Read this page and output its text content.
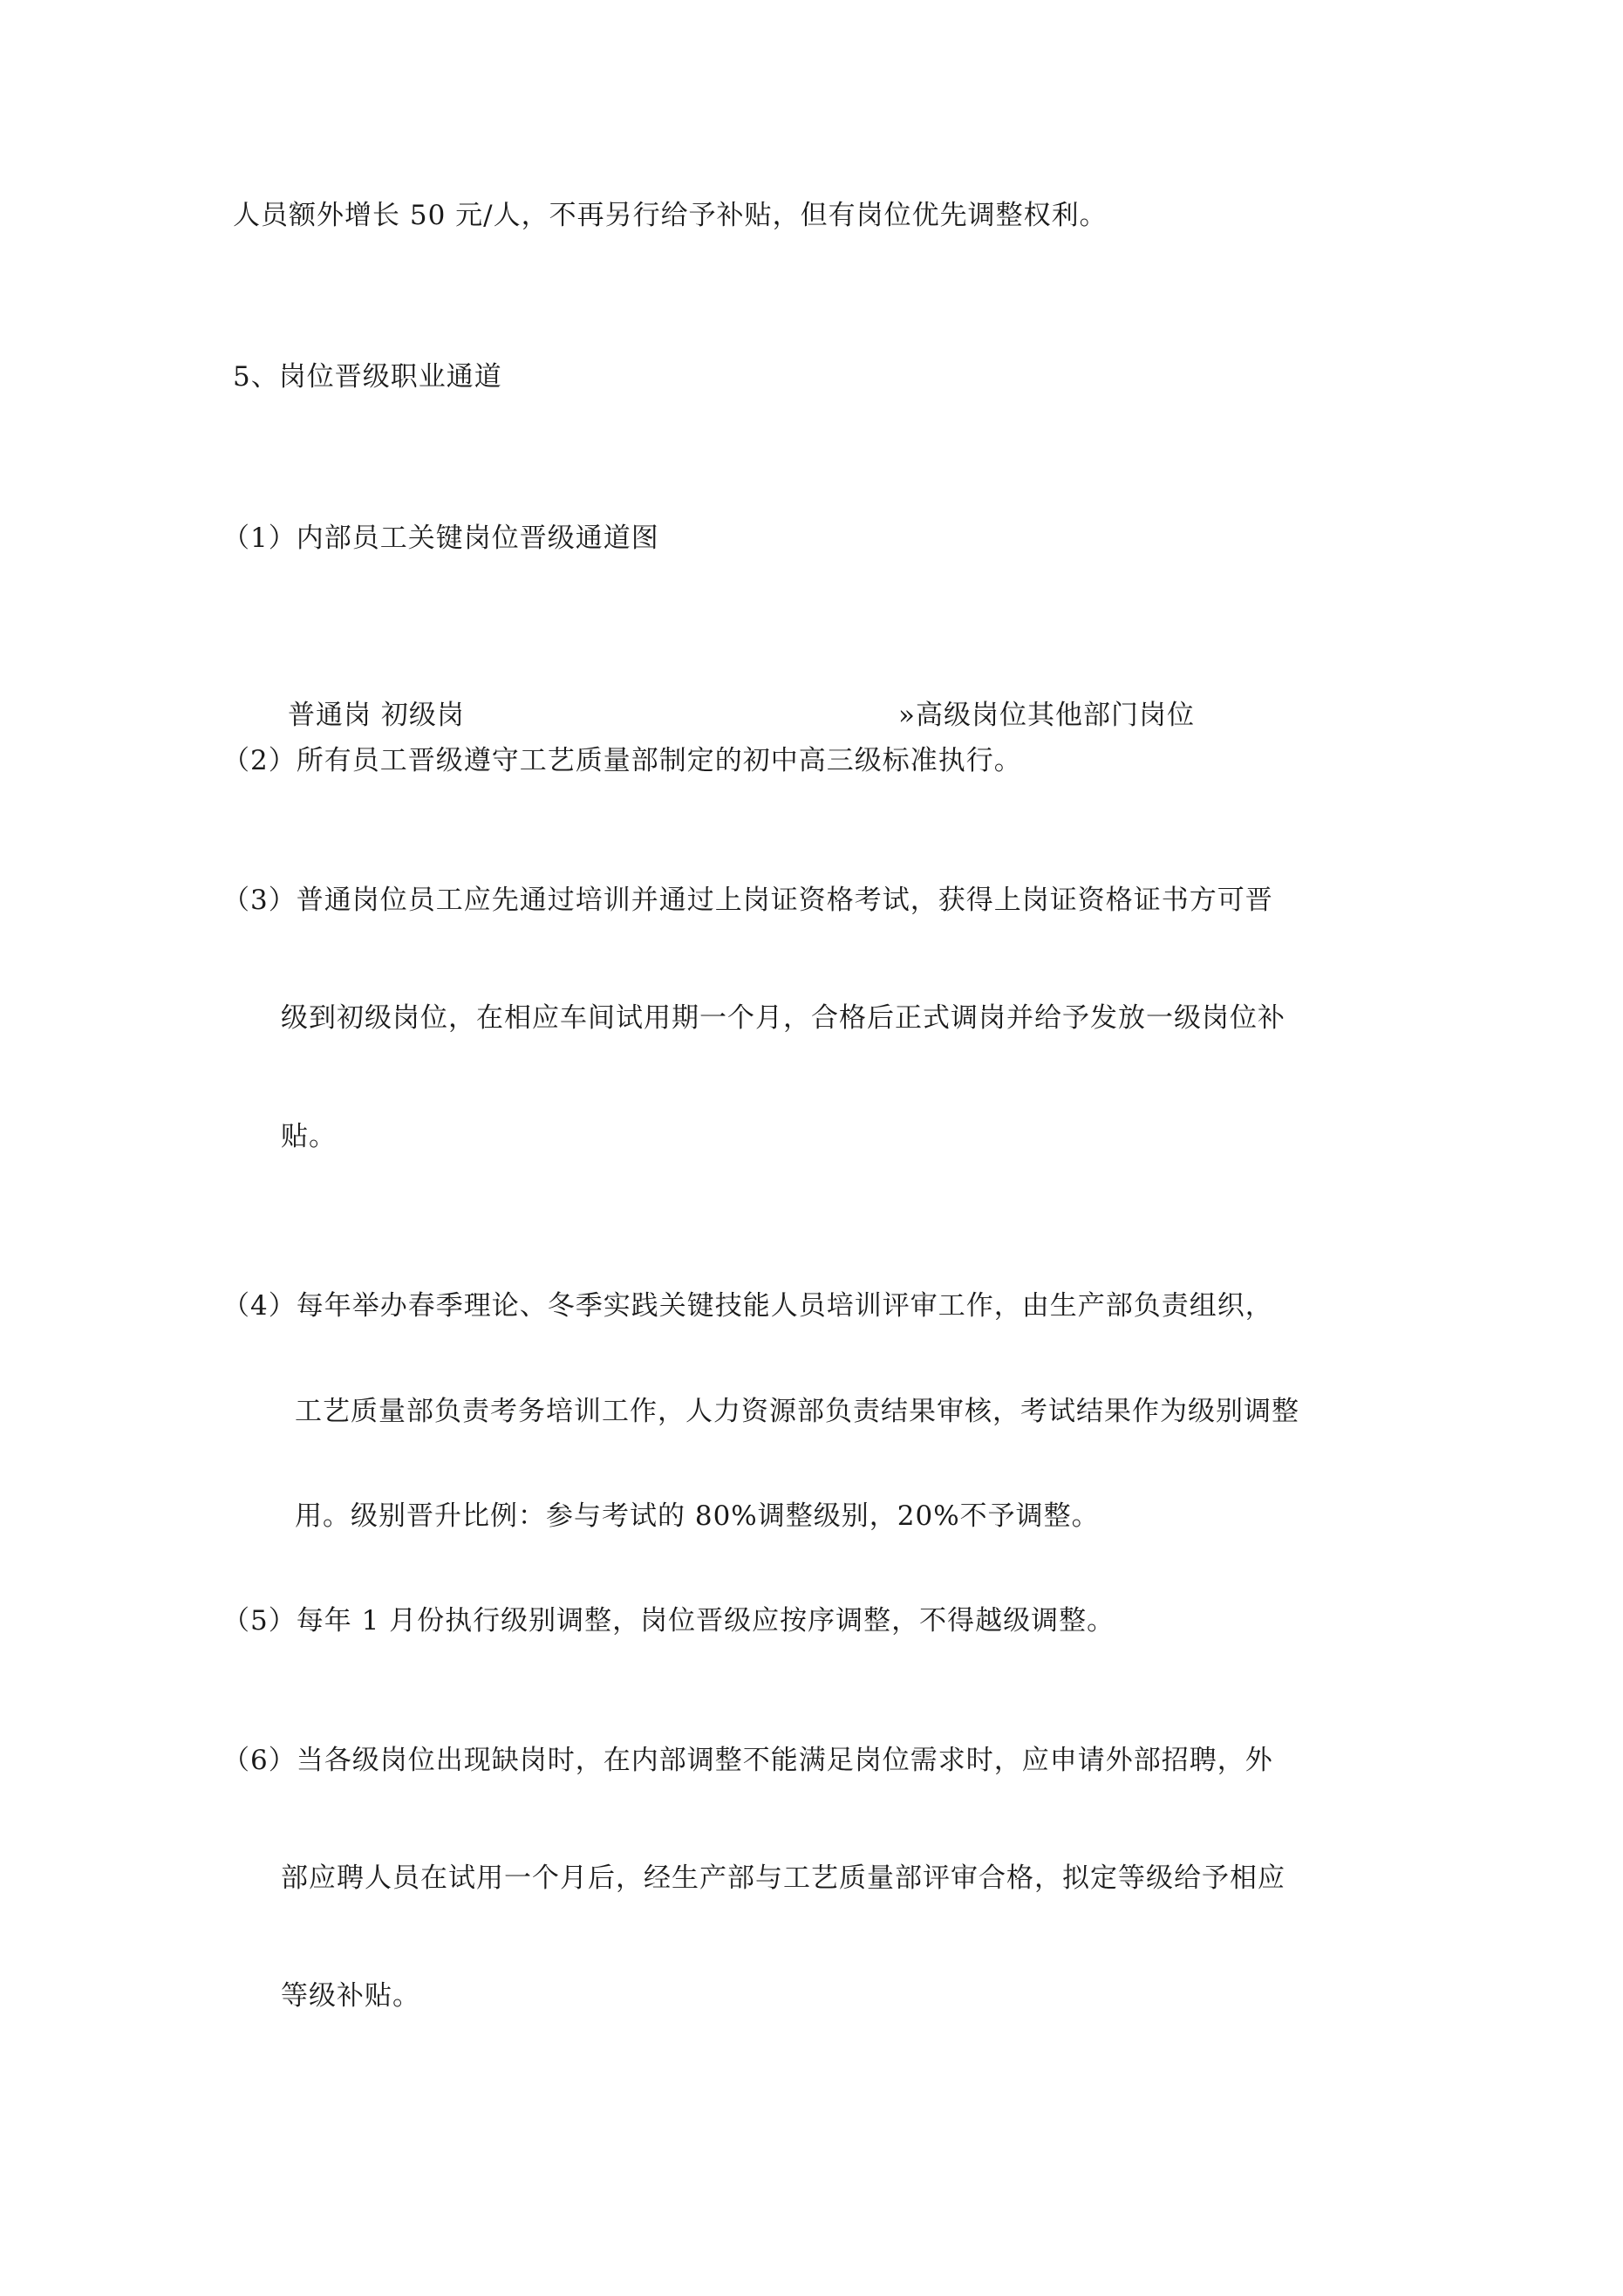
人员额外增长 50 元/人，不再另行给予补贴，但有岗位优先调整权利。
5、岗位晋级职业通道
（1）内部员工关键岗位晋级通道图
普通岗 初级岗	»高级岗位其他部门岗位
（2）所有员工晋级遵守工艺质量部制定的初中高三级标准执行。
（3）普通岗位员工应先通过培训并通过上岗证资格考试，获得上岗证资格证书方可晋
级到初级岗位，在相应车间试用期一个月，合格后正式调岗并给予发放一级岗位补
贴。
（4）每年举办春季理论、冬季实践关键技能人员培训评审工作，由生产部负责组织，
工艺质量部负责考务培训工作，人力资源部负责结果审核，考试结果作为级别调整
用。级别晋升比例：参与考试的 80%调整级别，20%不予调整。
（5）每年 1 月份执行级别调整，岗位晋级应按序调整，不得越级调整。
（6）当各级岗位出现缺岗时，在内部调整不能满足岗位需求时，应申请外部招聘，外
部应聘人员在试用一个月后，经生产部与工艺质量部评审合格，拟定等级给予相应
等级补贴。
